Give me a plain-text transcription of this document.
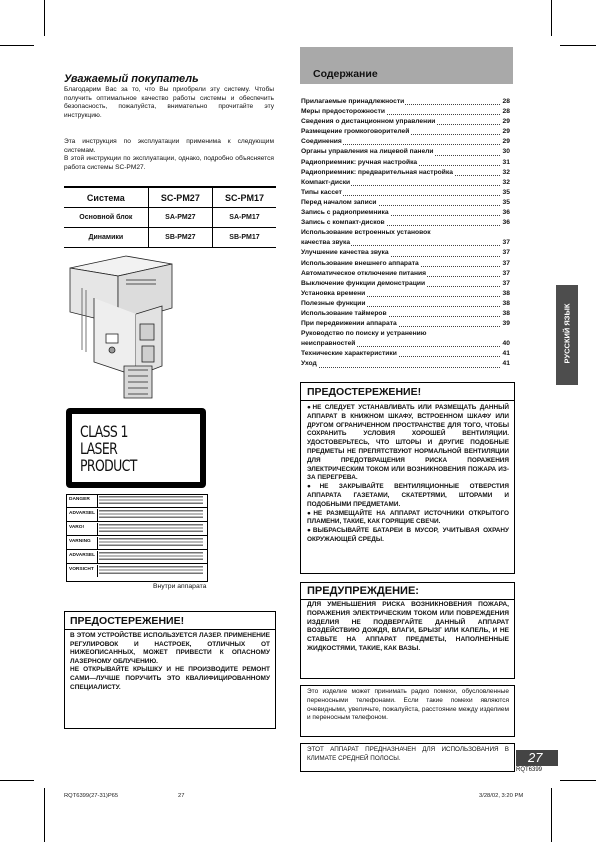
Уважаемый покупатель

Благодарим Вас за то, что Вы приобрели эту систему. Чтобы получить оптимальное качество работы системы и обеспечить безопасность, пожалуйста, внимательно прочитайте эту инструкцию.

Эта инструкция по эксплуатации применима к следующим системам.

В этой инструкции по эксплуатации, однако, подробно объясняется работа системы SC-PM27.

Система	SC-PM27	SC-PM17
Основной блок	SA-PM27	SA-PM17
Динамики	SB-PM27	SB-PM17
CLASS 1
LASER PRODUCT
DANGER
ADVARSEL
VARO!
VARNING
ADVARSEL
VORSICHT
Внутри аппарата
ПРЕДОСТЕРЕЖЕНИЕ!
В ЭТОМ УСТРОЙСТВЕ ИСПОЛЬЗУЕТСЯ ЛАЗЕР. ПРИМЕНЕНИЕ РЕГУЛИРОВОК И НАСТРОЕК, ОТЛИЧНЫХ ОТ НИЖЕОПИСАННЫХ, МОЖЕТ ПРИВЕСТИ К ОПАСНОМУ ЛАЗЕРНОМУ ОБЛУЧЕНИЮ.
НЕ ОТКРЫВАЙТЕ КРЫШКУ И НЕ ПРОИЗВОДИТЕ РЕМОНТ САМИ—ЛУЧШЕ ПОРУЧИТЬ ЭТО КВАЛИФИЦИРОВАННОМУ СПЕЦИАЛИСТУ.
Содержание
Прилагаемые принадлежности	28
Меры предосторожности	28
Сведения о дистанционном управлении	29
Размещение громкоговорителей	29
Соединения	29
Органы управления на лицевой панели	30
Радиоприемник: ручная настройка	31
Радиоприемник: предварительная настройка	32
Компакт-диски	32
Типы кассет	35
Перед началом записи	35
Запись с радиоприемника	36
Запись с компакт-дисков	36
Использование встроенных установок
качества звука	37
Улучшение качества звука	37
Использование внешнего аппарата	37
Автоматическое отключение питания	37
Выключение функции демонстрации	37
Установка времени	38
Полезные функции	38
Использование таймеров	38
При передвижении аппарата	39
Руководство по поиску и устранению
неисправностей	40
Технические характеристики	41
Уход	41
РУССКИЙ ЯЗЫК
ПРЕДОСТЕРЕЖЕНИЕ!
●НЕ СЛЕДУЕТ УСТАНАВЛИВАТЬ ИЛИ РАЗМЕЩАТЬ ДАННЫЙ АППАРАТ В КНИЖНОМ ШКАФУ, ВСТРОЕННОМ ШКАФУ ИЛИ ДРУГОМ ОГРАНИЧЕННОМ ПРОСТРАНСТВЕ ДЛЯ ТОГО, ЧТОБЫ СОХРАНИТЬ УСЛОВИЯ ХОРОШЕЙ ВЕНТИЛЯЦИИ. УДОСТОВЕРЬТЕСЬ, ЧТО ШТОРЫ И ДРУГИЕ ПОДОБНЫЕ ПРЕДМЕТЫ НЕ ПРЕПЯТСТВУЮТ НОРМАЛЬНОЙ ВЕНТИЛЯЦИИ ДЛЯ ПРЕДОТВРАЩЕНИЯ РИСКА ПОРАЖЕНИЯ ЭЛЕКТРИЧЕСКИМ ТОКОМ ИЛИ ВОЗНИКНОВЕНИЯ ПОЖАРА ИЗ-ЗА ПЕРЕГРЕВА.
●НЕ ЗАКРЫВАЙТЕ ВЕНТИЛЯЦИОННЫЕ ОТВЕРСТИЯ АППАРАТА ГАЗЕТАМИ, СКАТЕРТЯМИ, ШТОРАМИ И ПОДОБНЫМИ ПРЕДМЕТАМИ.
●НЕ РАЗМЕЩАЙТЕ НА АППАРАТ ИСТОЧНИКИ ОТКРЫТОГО ПЛАМЕНИ, ТАКИЕ, КАК ГОРЯЩИЕ СВЕЧИ.
●ВЫБРАСЫВАЙТЕ БАТАРЕИ В МУСОР, УЧИТЫВАЯ ОХРАНУ ОКРУЖАЮЩЕЙ СРЕДЫ.
ПРЕДУПРЕЖДЕНИЕ:
ДЛЯ УМЕНЬШЕНИЯ РИСКА ВОЗНИКНОВЕНИЯ ПОЖАРА, ПОРАЖЕНИЯ ЭЛЕКТРИЧЕСКИМ ТОКОМ ИЛИ ПОВРЕЖДЕНИЯ ИЗДЕЛИЯ НЕ ПОДВЕРГАЙТЕ ДАННЫЙ АППАРАТ ВОЗДЕЙСТВИЮ ДОЖДЯ, ВЛАГИ, БРЫЗГ ИЛИ КАПЕЛЬ, И НЕ СТАВЬТЕ НА АППАРАТ ПРЕДМЕТЫ, НАПОЛНЕННЫЕ ЖИДКОСТЯМИ, ТАКИЕ, КАК ВАЗЫ.
Это изделие может принимать радио помехи, обусловленные переносными телефонами. Если такие помехи являются очевидными, увеличьте, пожалуйста, расстояние между изделием и переносным телефоном.
ЭТОТ АППАРАТ ПРЕДНАЗНАЧЕН ДЛЯ ИСПОЛЬЗОВАНИЯ В КЛИМАТЕ СРЕДНЕЙ ПОЛОСЫ.	27
RQT6399
RQT6399(27-31)P65	27	3/28/02, 3:20 PM
